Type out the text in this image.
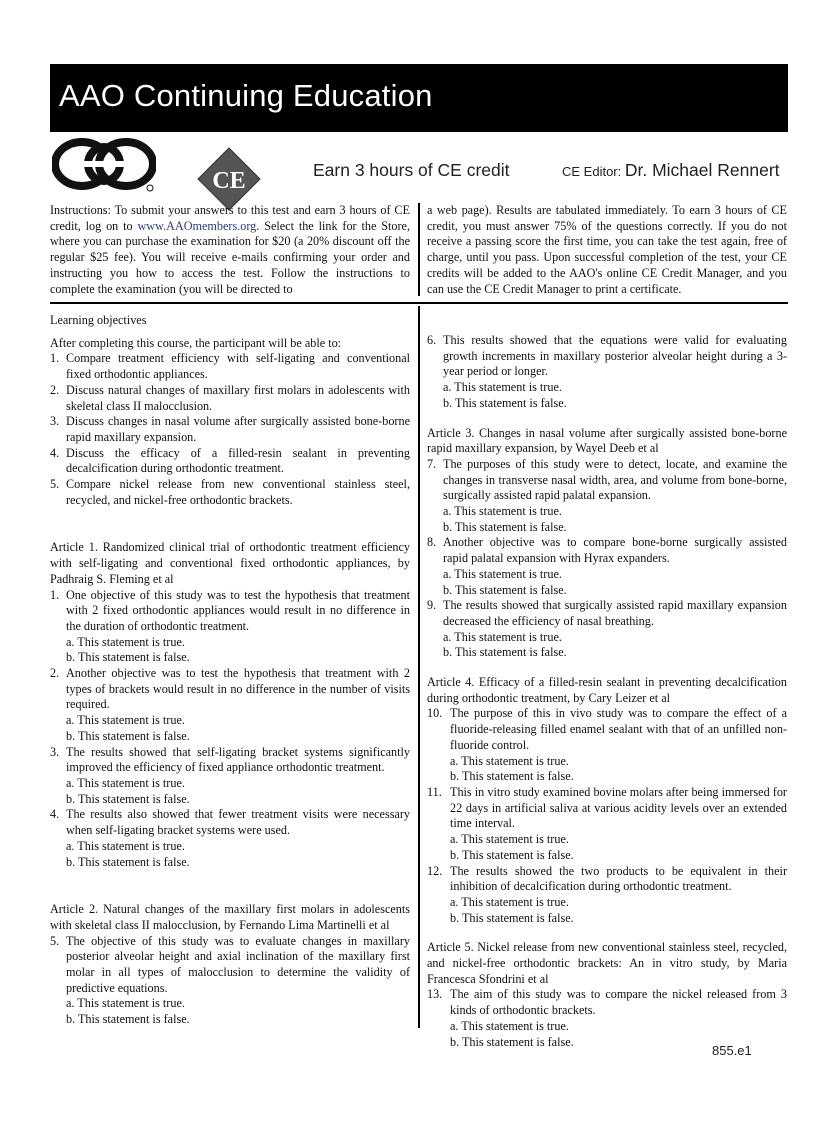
AAO Continuing Education
CE	Earn 3 hours of CE credit	CE Editor: Dr. Michael Rennert
Instructions: To submit your answers to this test and earn 3 hours of CE credit, log on to www.AAOmembers.org. Select the link for the Store, where you can purchase the examination for $20 (a 20% discount off the regular $25 fee). You will receive e-mails confirming your order and instructing you how to access the test. Follow the instructions to complete the examination (you will be directed to
a web page). Results are tabulated immediately. To earn 3 hours of CE credit, you must answer 75% of the questions correctly. If you do not receive a passing score the first time, you can take the test again, free of charge, until you pass. Upon successful completion of the test, your CE credits will be added to the AAO's online CE Credit Manager, and you can use the CE Credit Manager to print a certificate.

Learning objectives

After completing this course, the participant will be able to:

1. Compare treatment efficiency with self-ligating and conventional fixed orthodontic appliances.
2. Discuss natural changes of maxillary first molars in adolescents with skeletal class II malocclusion.
3. Discuss changes in nasal volume after surgically assisted bone-borne rapid maxillary expansion.
4. Discuss the efficacy of a filled-resin sealant in preventing decalcification during orthodontic treatment.
5. Compare nickel release from new conventional stainless steel, recycled, and nickel-free orthodontic brackets.

Article 1. Randomized clinical trial of orthodontic treatment efficiency with self-ligating and conventional fixed orthodontic appliances, by Padhraig S. Fleming et al

1. One objective of this study was to test the hypothesis that treatment with 2 fixed orthodontic appliances would result in no difference in the duration of orthodontic treatment.
a. This statement is true.
b. This statement is false.
2. Another objective was to test the hypothesis that treatment with 2 types of brackets would result in no difference in the number of visits required.
a. This statement is true.
b. This statement is false.
3. The results showed that self-ligating bracket systems significantly improved the efficiency of fixed appliance orthodontic treatment.
a. This statement is true.
b. This statement is false.
4. The results also showed that fewer treatment visits were necessary when self-ligating bracket systems were used.
a. This statement is true.
b. This statement is false.

Article 2. Natural changes of the maxillary first molars in adolescents with skeletal class II malocclusion, by Fernando Lima Martinelli et al

5. The objective of this study was to evaluate changes in maxillary posterior alveolar height and axial inclination of the maxillary first molar in all types of malocclusion to determine the validity of predictive equations.
a. This statement is true.
b. This statement is false.
6. This results showed that the equations were valid for evaluating growth increments in maxillary posterior alveolar height during a 3-year period or longer.
a. This statement is true.
b. This statement is false.

Article 3. Changes in nasal volume after surgically assisted bone-borne rapid maxillary expansion, by Wayel Deeb et al

7. The purposes of this study were to detect, locate, and examine the changes in transverse nasal width, area, and volume from bone-borne, surgically assisted rapid palatal expansion.
a. This statement is true.
b. This statement is false.
8. Another objective was to compare bone-borne surgically assisted rapid palatal expansion with Hyrax expanders.
a. This statement is true.
b. This statement is false.
9. The results showed that surgically assisted rapid maxillary expansion decreased the efficiency of nasal breathing.
a. This statement is true.
b. This statement is false.

Article 4. Efficacy of a filled-resin sealant in preventing decalcification during orthodontic treatment, by Cary Leizer et al

10. The purpose of this in vivo study was to compare the effect of a fluoride-releasing filled enamel sealant with that of an unfilled non-fluoride control.
a. This statement is true.
b. This statement is false.
11. This in vitro study examined bovine molars after being immersed for 22 days in artificial saliva at various acidity levels over an extended time interval.
a. This statement is true.
b. This statement is false.
12. The results showed the two products to be equivalent in their inhibition of decalcification during orthodontic treatment.
a. This statement is true.
b. This statement is false.

Article 5. Nickel release from new conventional stainless steel, recycled, and nickel-free orthodontic brackets: An in vitro study, by Maria Francesca Sfondrini et al

13. The aim of this study was to compare the nickel released from 3 kinds of orthodontic brackets.
a. This statement is true.
b. This statement is false.
855.e1
